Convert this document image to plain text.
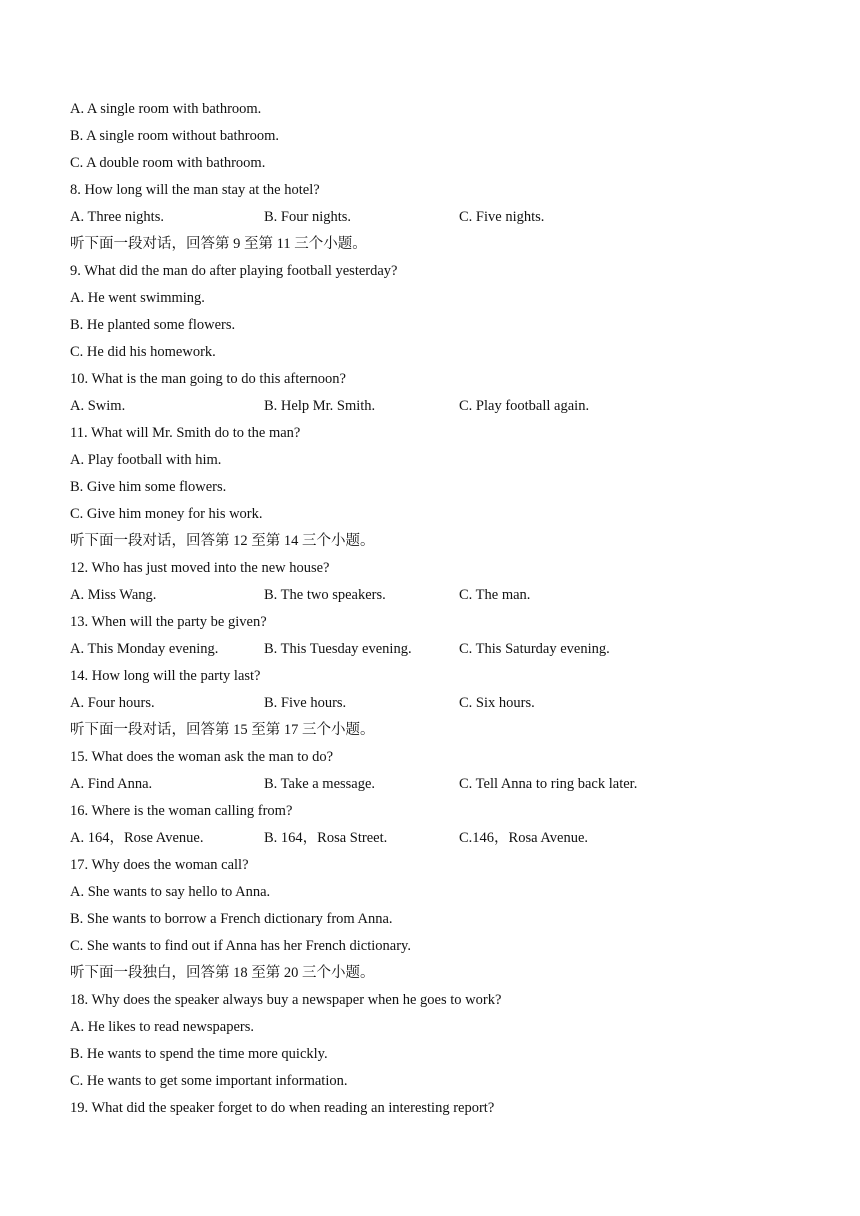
A. A single room with bathroom.
B. A single room without bathroom.
C. A double room with bathroom.
8. How long will the man stay at the hotel?
A. Three nights.	B. Four nights.	C. Five nights.
听下面一段对话，回答第 9 至第 11 三个小题。
9. What did the man do after playing football yesterday?
A. He went swimming.
B. He planted some flowers.
C. He did his homework.
10. What is the man going to do this afternoon?
A. Swim.	B. Help Mr. Smith.	C. Play football again.
11. What will Mr. Smith do to the man?
A. Play football with him.
B. Give him some flowers.
C. Give him money for his work.
听下面一段对话，回答第 12 至第 14 三个小题。
12. Who has just moved into the new house?
A. Miss Wang.	B. The two speakers.	C. The man.
13. When will the party be given?
A. This Monday evening.	B. This Tuesday evening.	C. This Saturday evening.
14. How long will the party last?
A. Four hours.	B. Five hours.	C. Six hours.
听下面一段对话，回答第 15 至第 17 三个小题。
15. What does the woman ask the man to do?
A. Find Anna.	B. Take a message.	C. Tell Anna to ring back later.
16. Where is the woman calling from?
A. 164，Rose Avenue.	B. 164，Rosa Street.	C.146，Rosa Avenue.
17. Why does the woman call?
A. She wants to say hello to Anna.
B. She wants to borrow a French dictionary from Anna.
C. She wants to find out if Anna has her French dictionary.
听下面一段独白，回答第 18 至第 20 三个小题。
18. Why does the speaker always buy a newspaper when he goes to work?
A. He likes to read newspapers.
B. He wants to spend the time more quickly.
C. He wants to get some important information.
19. What did the speaker forget to do when reading an interesting report?
